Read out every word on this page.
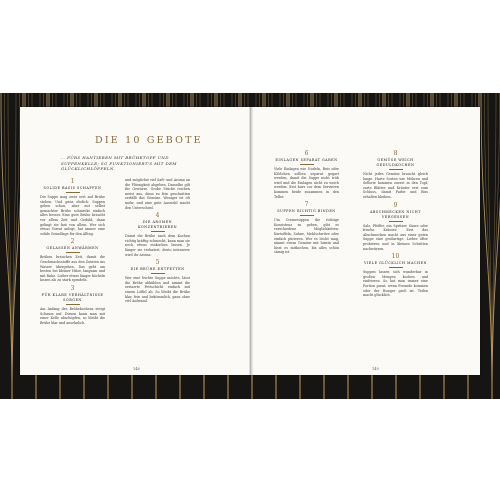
DIE 10 GEBOTE
… FÜRS HANTIEREN MIT BRÜHETOPF UND SUPPENKELLE; SO FUNKTIONIERT'S MIT DEM GLÜCKLICHLÖFFELN.
1
SOLIDE BASIS SCHAFFEN

Die Suppe mag zwar erst auf Brühe stehen. Und ganz ehrlich: Suppen gehen schon, aber mit selbst gemachter Brühe schmeckt einfach alles besser. Eine gute Brühe braucht vor allem Zeit und Geduld, dann gelingt sie fast von allein. Wer sich etwas Vorrat anlegt, hat immer eine solide Grundlage für den Alltag.

2
GELASSEN ANWÄRMEN

Brühen brauchen Zeit, damit die Geschmacksstoffe aus den Zutaten ins Wasser übergehen. Das geht am besten bei kleiner Hitze, langsam und mit Ruhe. Lieber etwas länger köcheln lassen als zu stark sprudeln.

3
FÜR KLARE VERHÄLTNISSE SORGEN

Am Anfang des Brühekochens steigt Schaum auf. Diesen kann man mit einer Kelle abschöpfen, so bleibt die Brühe klar und ansehnlich.

und möglichst viel Saft- und Aroma an die Flüssigkeit abgeben. Dasselbe gilt für Gewürze. Grobe Stücke reichen meist aus, denn zu fein geschnitten zerfällt das Gemüse. Weniger ist oft mehr, und eine gute Auswahl macht den Unterschied.

4
DIE AROMEN KONZENTRIEREN

Damit die Brühe nach dem Kochen richtig kräftig schmeckt, kann man sie noch etwas einkochen lassen. Je länger sie reduziert, desto intensiver wird ihr Aroma.

5
DIE BRÜHE ENTFETTEN

Wer eine leichte Suppe möchte, lässt die Brühe abkühlen und nimmt die erstarrte Fettschicht einfach mit einem Löffel ab. So bleibt die Brühe klar, fein und bekömmlich, ganz ohne viel Aufwand.

6
EINLAGEN SEPARAT GAREN

Viele Einlagen wie Nudeln, Reis oder Klößchen sollten separat gegart werden, damit die Suppe nicht trüb wird und die Einlagen nicht zu weich werden. Erst kurz vor dem Servieren kommen beide zusammen in den Teller.

7
SUPPEN RICHTIG BINDEN

Um Cremesuppen die richtige Konsistenz zu geben, gibt es verschiedene Möglichkeiten: Kartoffeln, Sahne, Mehlschwitze oder einfach pürieren. Wer es leicht mag, nimmt etwas Gemüse mit hinein und lässt es mitkochen, bis alles schön sämig ist.

8
GEMÜSE WEICH GEDULDKOCHEN

Nicht jedes Gemüse braucht gleich lange. Harte Sorten wie Möhren und Sellerie kommen zuerst in den Topf, zarte Blätter und Kräuter erst zum Schluss, damit Farbe und Biss erhalten bleiben.

9
ABSCHMECKEN NICHT VERGESSEN

Salz, Pfeffer, ein Spritzer Säure oder frische Kräuter: Erst das Abschmecken macht aus einer guten Suppe eine großartige. Lieber öfter probieren und in kleinen Schritten nachwürzen.

10
VIELE GLÜCKLICH MACHEN

Suppen lassen sich wunderbar in großen Mengen kochen und einfrieren. So hat man immer eine Portion parat, wenn Freunde kommen oder der Hunger groß ist. Teilen macht glücklich.

148	149
